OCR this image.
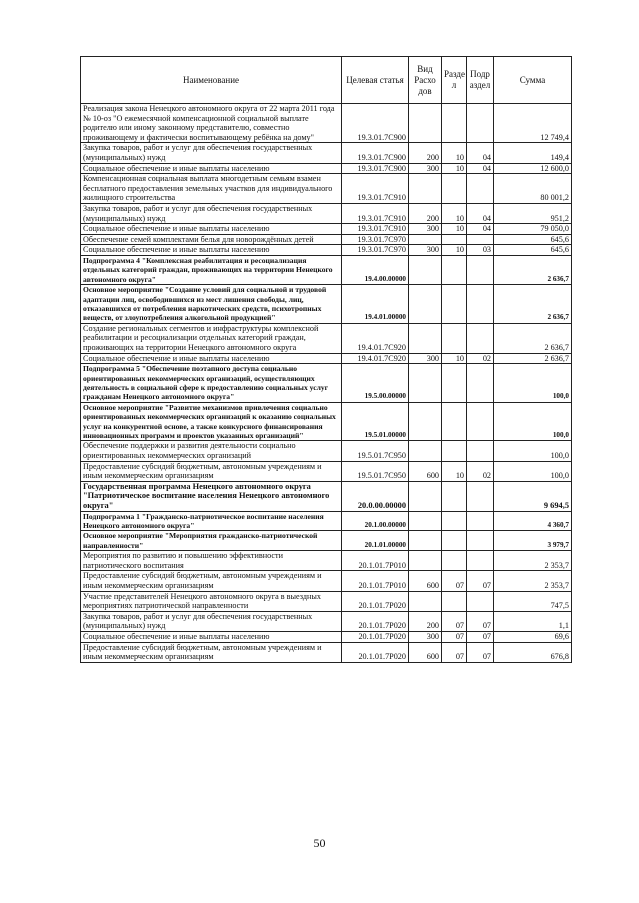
Наименование	Целевая статья	Вид Расхо дов	Разде л	Подр аздел	Сумма
Реализация закона Ненецкого автономного округа от 22 марта 2011 года № 10-оз "О ежемесячной компенсационной социальной выплате родителю или иному законному представителю, совместно проживающему и фактически воспитывающему ребёнка на дому"	19.3.01.7С900				12 749,4
Закупка товаров, работ и услуг для обеспечения государственных (муниципальных) нужд	19.3.01.7С900	200	10	04	149,4
Социальное обеспечение и иные выплаты населению	19.3.01.7С900	300	10	04	12 600,0
Компенсационная социальная выплата многодетным семьям взамен бесплатного предоставления земельных участков для индивидуального жилищного строительства	19.3.01.7С910				80 001,2
Закупка товаров, работ и услуг для обеспечения государственных (муниципальных) нужд	19.3.01.7С910	200	10	04	951,2
Социальное обеспечение и иные выплаты населению	19.3.01.7С910	300	10	04	79 050,0
Обеспечение семей комплектами белья для новорождённых детей	19.3.01.7С970				645,6
Социальное обеспечение и иные выплаты населению	19.3.01.7С970	300	10	03	645,6
Подпрограмма 4 "Комплексная реабилитация и ресоциализация отдельных категорий граждан, проживающих на территории Ненецкого автономного округа"	19.4.00.00000				2 636,7
Основное мероприятие "Создание условий для социальной и трудовой адаптации лиц, освободившихся из мест лишения свободы, лиц, отказавшихся от потребления наркотических средств, психотропных веществ, от злоупотребления алкогольной продукцией"	19.4.01.00000				2 636,7
Создание региональных сегментов и инфраструктуры комплексной реабилитации и ресоциализации отдельных категорий граждан, проживающих на территории Ненецкого автономного округа	19.4.01.7С920				2 636,7
Социальное обеспечение и иные выплаты населению	19.4.01.7С920	300	10	02	2 636,7
Подпрограмма 5 "Обеспечение поэтапного доступа социально ориентированных некоммерческих организаций, осуществляющих деятельность в социальной сфере к предоставлению социальных услуг гражданам Ненецкого автономного округа"	19.5.00.00000				100,0
Основное мероприятие "Развитие механизмов привлечения социально ориентированных некоммерческих организаций к оказанию социальных услуг на конкурентной основе, а также конкурсного финансирования инновационных программ и проектов указанных организаций"	19.5.01.00000				100,0
Обеспечение поддержки и развития деятельности социально ориентированных некоммерческих организаций	19.5.01.7С950				100,0
Предоставление субсидий бюджетным, автономным учреждениям и иным некоммерческим организациям	19.5.01.7С950	600	10	02	100,0
Государственная программа Ненецкого автономного округа "Патриотическое воспитание населения Ненецкого автономного округа"	20.0.00.00000				9 694,5
Подпрограмма 1 "Гражданско-патриотическое воспитание населения Ненецкого автономного округа"	20.1.00.00000				4 360,7
Основное мероприятие "Мероприятия гражданско-патриотической направленности"	20.1.01.00000				3 979,7
Мероприятия по развитию и повышению эффективности патриотического воспитания	20.1.01.7Р010				2 353,7
Предоставление субсидий бюджетным, автономным учреждениям и иным некоммерческим организациям	20.1.01.7Р010	600	07	07	2 353,7
Участие представителей Ненецкого автономного округа в выездных мероприятиях патриотической направленности	20.1.01.7Р020				747,5
Закупка товаров, работ и услуг для обеспечения государственных (муниципальных) нужд	20.1.01.7Р020	200	07	07	1,1
Социальное обеспечение и иные выплаты населению	20.1.01.7Р020	300	07	07	69,6
Предоставление субсидий бюджетным, автономным учреждениям и иным некоммерческим организациям	20.1.01.7Р020	600	07	07	676,8
50
